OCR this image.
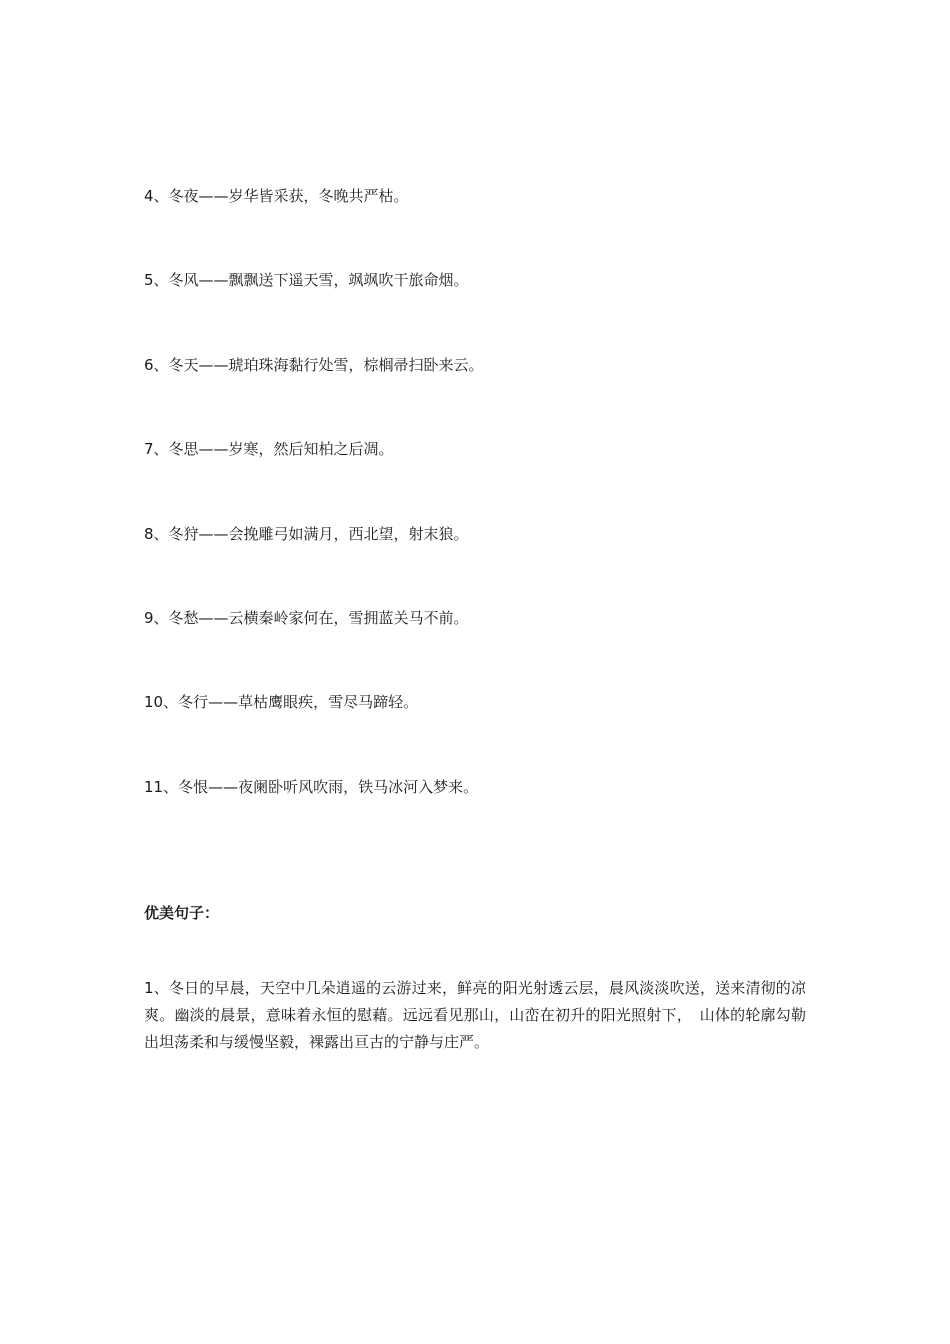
4、冬夜——岁华皆采获，冬晚共严枯。
5、冬风——飘飘送下遥天雪，飒飒吹干旅命烟。
6、冬天——琥珀珠海黏行处雪，棕榈帚扫卧来云。
7、冬思——岁寒，然后知柏之后凋。
8、冬狩——会挽雕弓如满月，西北望，射末狼。
9、冬愁——云横秦岭家何在，雪拥蓝关马不前。
10、冬行——草枯鹰眼疾，雪尽马蹄轻。
11、冬恨——夜阑卧听风吹雨，铁马冰河入梦来。
优美句子：
1、冬日的早晨，天空中几朵逍遥的云游过来，鲜亮的阳光射透云层，晨风淡淡吹送，送来清彻的凉爽。幽淡的晨景，意味着永恒的慰藉。远远看见那山，山峦在初升的阳光照射下，　山体的轮廓勾勒出坦荡柔和与缓慢坚毅，裸露出亘古的宁静与庄严。
